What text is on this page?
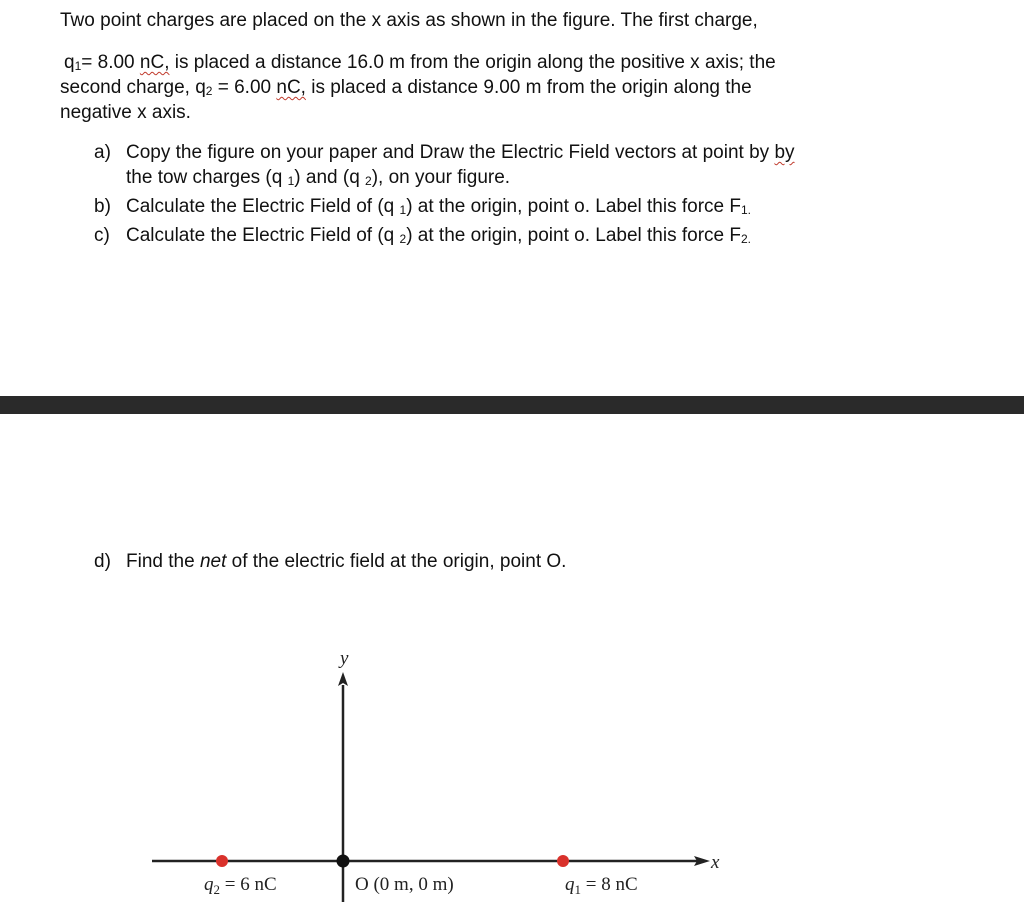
Two point charges are placed on the x axis as shown in the figure. The first charge,

$q_1= 8.00$ nC, is placed a distance 16.0 m from the origin along the positive x axis; the

second charge, $q_2 = 6.00$ nC, is placed a distance 9.00 m from the origin along the

negative x axis.

a) Copy the figure on your paper and Draw the Electric Field vectors at point by by
the tow charges (q $_1$) and (q $_2$), on your figure.
b) Calculate the Electric Field of (q $_1$) at the origin, point o. Label this force $F_{1.}$
c) Calculate the Electric Field of (q $_2$) at the origin, point o. Label this force $F_{2.}$
d) Find the net of the electric field at the origin, point O.
y
x
$q_2 = 6$ nC	O (0 m, 0 m)	$q_1 = 8$ nC
